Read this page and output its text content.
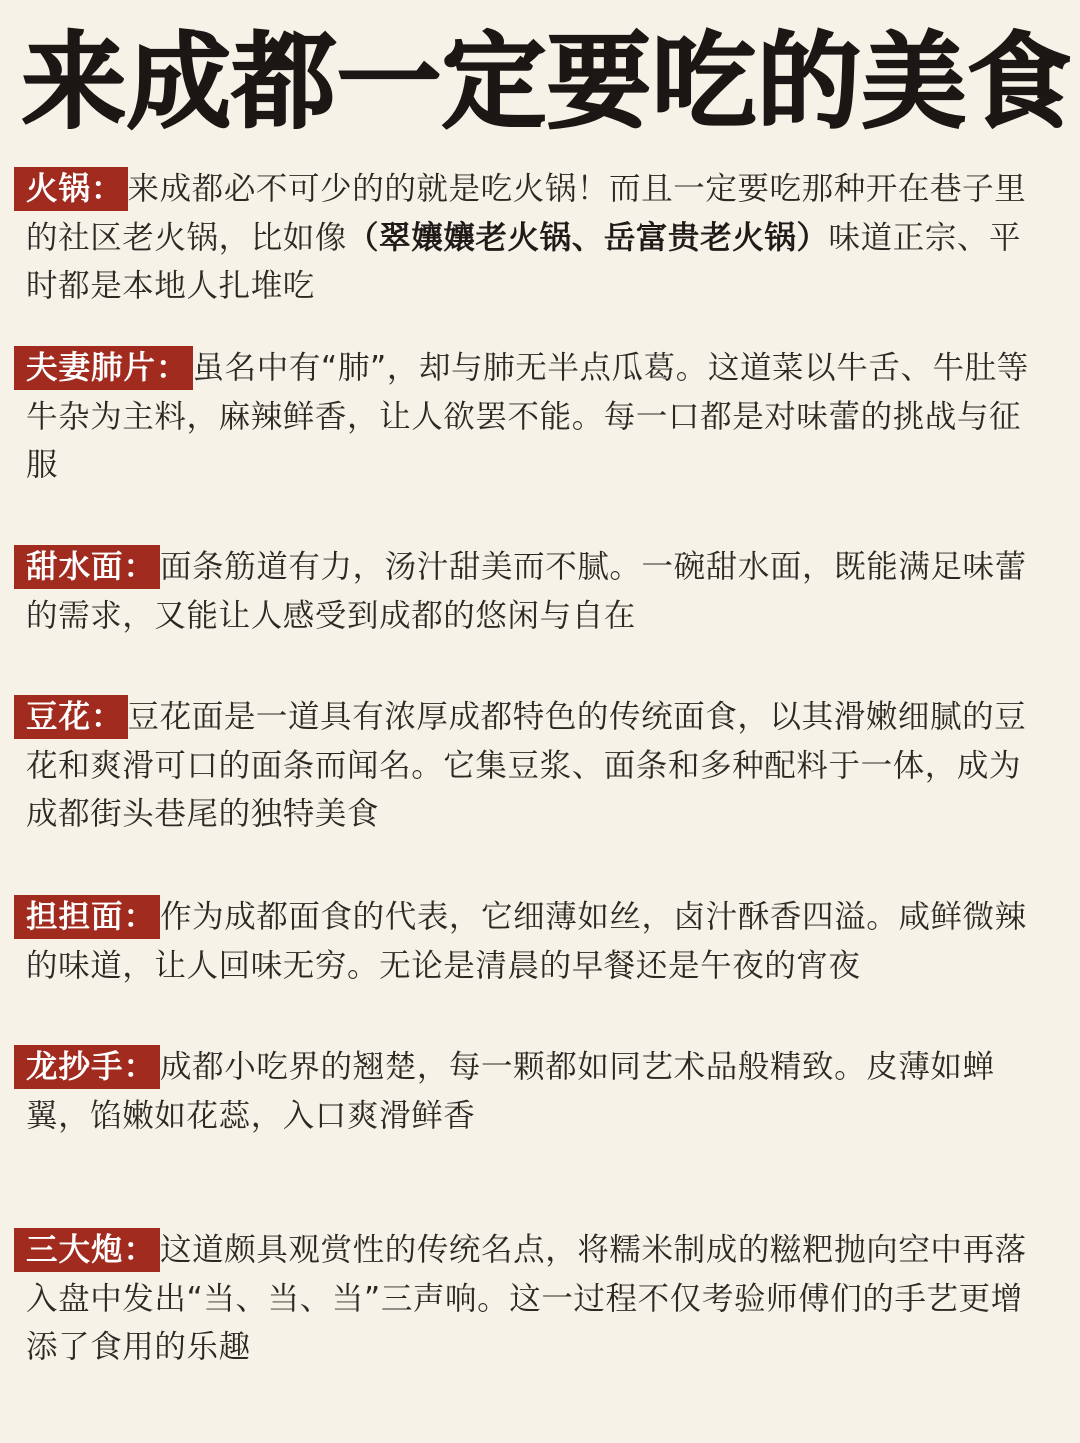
来成都一定要吃的美食
火锅： 来成都必不可少的的就是吃火锅！而且一定要吃那种开在巷子里的社区老火锅，比如像（翠孃孃老火锅、岳富贵老火锅）味道正宗、平时都是本地人扎堆吃
夫妻肺片： 虽名中有“肺”，却与肺无半点瓜葛。这道菜以牛舌、牛肚等牛杂为主料，麻辣鲜香，让人欲罢不能。每一口都是对味蕾的挑战与征服
甜水面： 面条筋道有力，汤汁甜美而不腻。一碗甜水面，既能满足味蕾的需求，又能让人感受到成都的悠闲与自在
豆花： 豆花面是一道具有浓厚成都特色的传统面食，以其滑嫩细腻的豆花和爽滑可口的面条而闻名。它集豆浆、面条和多种配料于一体，成为成都街头巷尾的独特美食
担担面： 作为成都面食的代表，它细薄如丝，卤汁酥香四溢。咸鲜微辣的味道，让人回味无穷。无论是清晨的早餐还是午夜的宵夜
龙抄手： 成都小吃界的翘楚，每一颗都如同艺术品般精致。皮薄如蝉翼，馅嫩如花蕊，入口爽滑鲜香
三大炮： 这道颇具观赏性的传统名点，将糯米制成的糍粑抛向空中再落入盘中发出“当、当、当”三声响。这一过程不仅考验师傅们的手艺更增添了食用的乐趣
